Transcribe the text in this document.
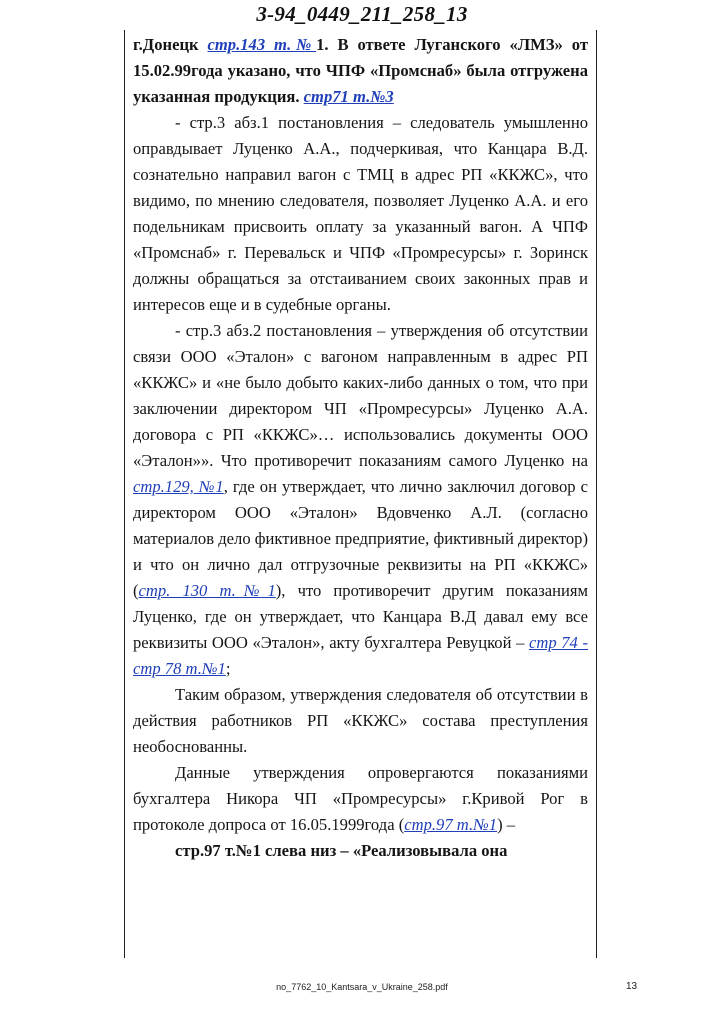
3-94_0449_211_258_13

г.Донецк стр.143 т.№1. В ответе Луганского «ЛМЗ» от 15.02.99года указано, что ЧПФ «Промснаб» была отгружена указанная продукция. стр71 т.№3

- стр.3 абз.1 постановления – следователь умышленно оправдывает Луценко А.А., подчеркивая, что Канцара В.Д. сознательно направил вагон с ТМЦ в адрес РП «ККЖС», что видимо, по мнению следователя, позволяет Луценко А.А. и его подельникам присвоить оплату за указанный вагон. А ЧПФ «Промснаб» г. Перевальск и ЧПФ «Промресурсы» г. Зоринск должны обращаться за отстаиванием своих законных прав и интересов еще и в судебные органы.

- стр.3 абз.2 постановления – утверждения об отсутствии связи ООО «Эталон» с вагоном направленным в адрес РП «ККЖС» и «не было добыто каких-либо данных о том, что при заключении директором ЧП «Промресурсы» Луценко А.А. договора с РП «ККЖС»… использовались документы ООО «Эталон»». Что противоречит показаниям самого Луценко на стр.129, №1, где он утверждает, что лично заключил договор с директором ООО «Эталон» Вдовченко А.Л. (согласно материалов дело фиктивное предприятие, фиктивный директор) и что он лично дал отгрузочные реквизиты на РП «ККЖС» (стр. 130 т.№1), что противоречит другим показаниям Луценко, где он утверждает, что Канцара В.Д давал ему все реквизиты ООО «Эталон», акту бухгалтера Ревуцкой – стр 74 - стр 78 т.№1;

Таким образом, утверждения следователя об отсутствии в действия работников РП «ККЖС» состава преступления необоснованны.

Данные утверждения опровергаются показаниями бухгалтера Никора ЧП «Промресурсы» г.Кривой Рог в протоколе допроса от 16.05.1999года (стр.97 т.№1) –

стр.97 т.№1 слева низ – «Реализовывала она

no_7762_10_Kantsara_v_Ukraine_258.pdf	13
